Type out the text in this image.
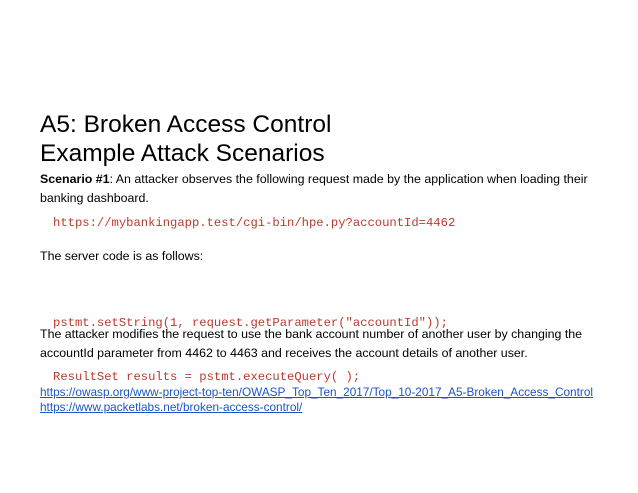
A5: Broken Access Control
Example Attack Scenarios
Scenario #1: An attacker observes the following request made by the application when loading their banking dashboard.
https://mybankingapp.test/cgi-bin/hpe.py?accountId=4462
The server code is as follows:

pstmt.setString(1, request.getParameter("accountId"));

ResultSet results = pstmt.executeQuery( );

The attacker modifies the request to use the bank account number of another user by changing the accountId parameter from 4462 to 4463 and receives the account details of another user.
https://owasp.org/www-project-top-ten/OWASP_Top_Ten_2017/Top_10-2017_A5-Broken_Access_Control
https://www.packetlabs.net/broken-access-control/
